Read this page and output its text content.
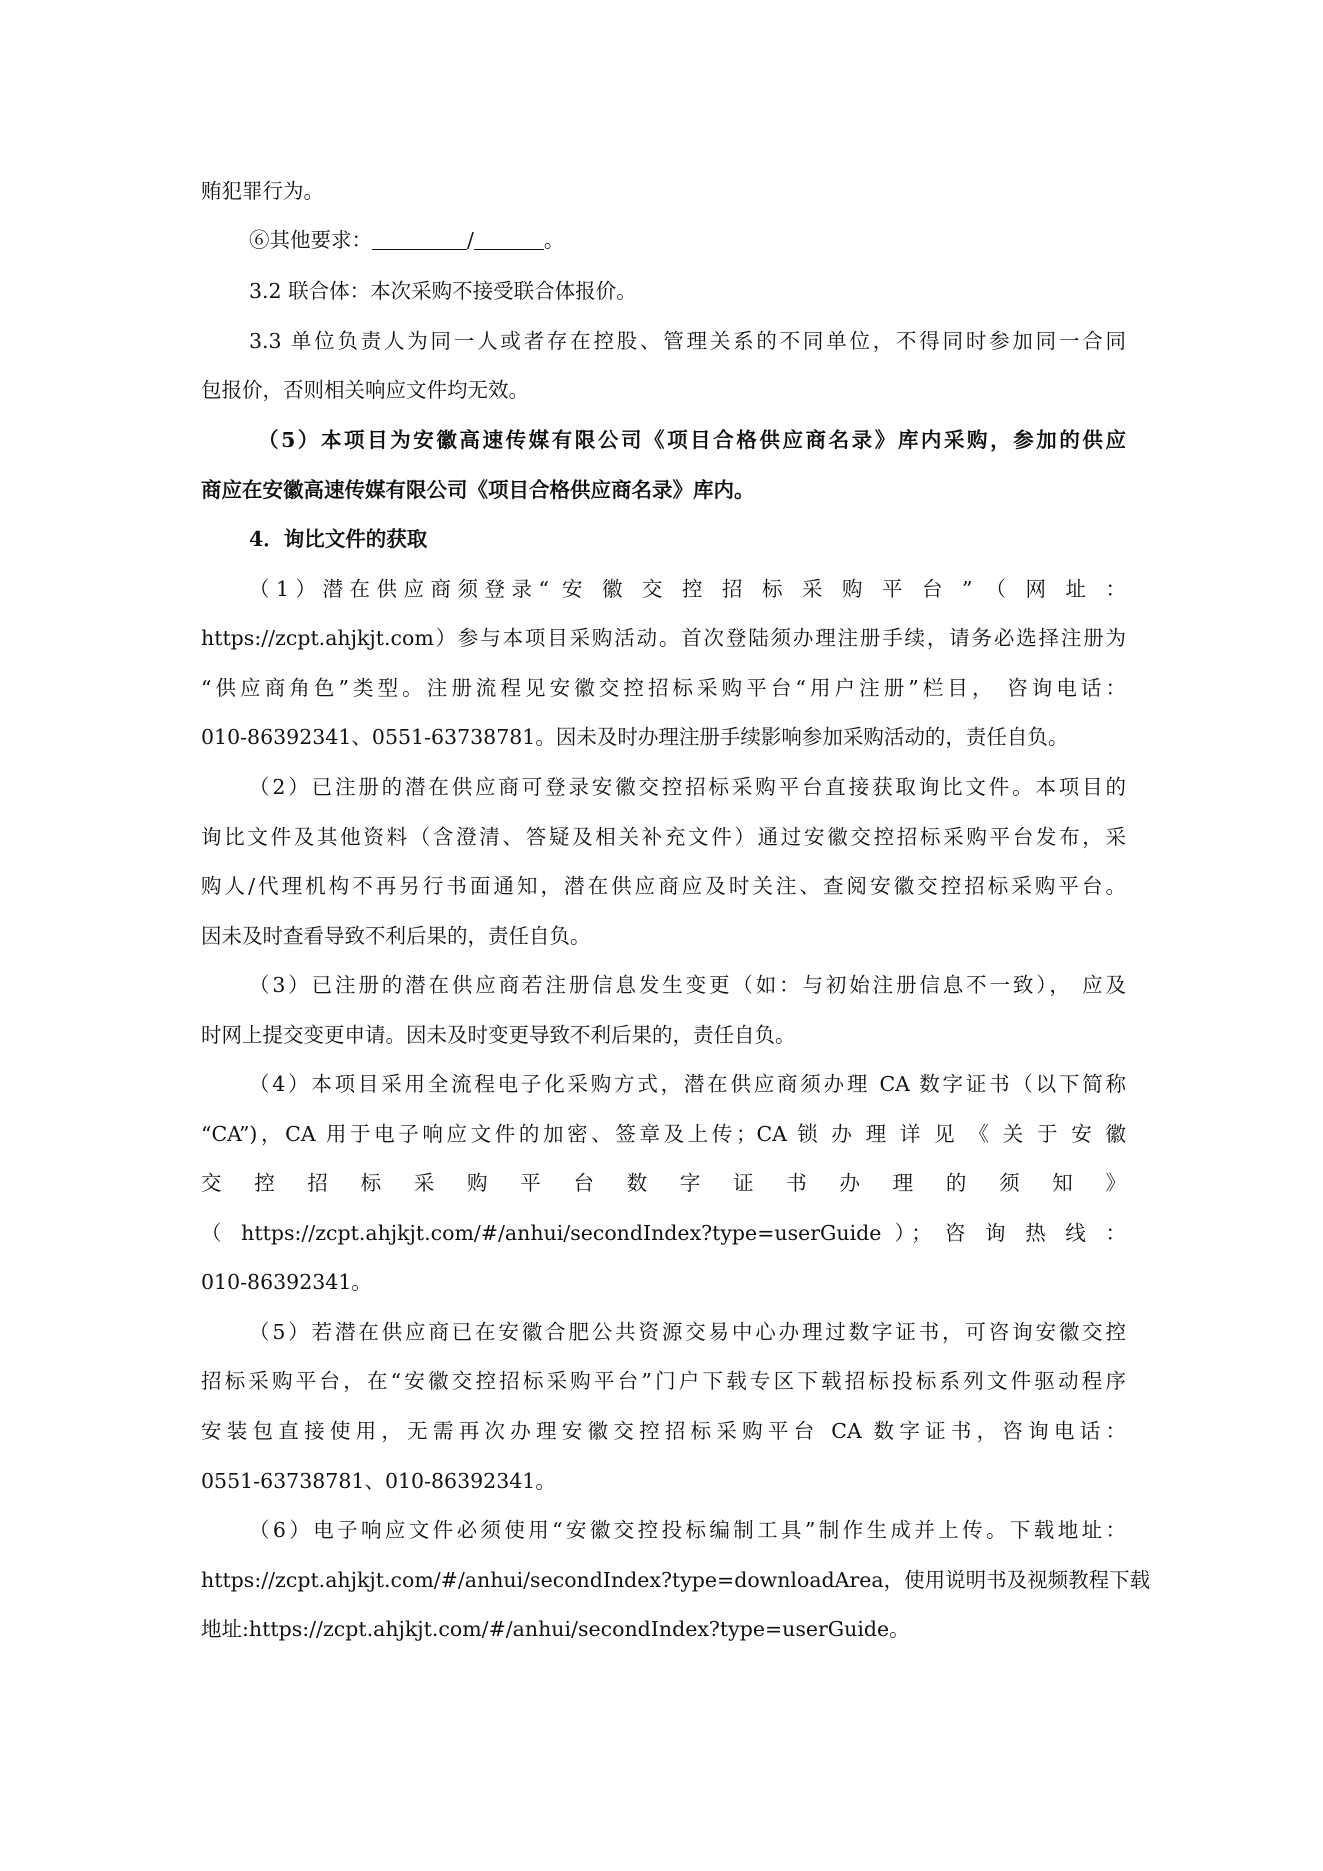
贿犯罪行为。
⑥其他要求：	/	。
3.2 联合体：本次采购不接受联合体报价。
3.3 单位负责人为同一人或者存在控股、管理关系的不同单位，不得同时参加同一合同
包报价，否则相关响应文件均无效。
（5）本项目为安徽高速传媒有限公司《项目合格供应商名录》库内采购，参加的供应
商应在安徽高速传媒有限公司《项目合格供应商名录》库内。
4．询比文件的获取
（1）潜在供应商须登录“ 安 徽 交 控 招 标 采 购 平 台 ” （ 网 址 ：
https://zcpt.ahjkjt.com）参与本项目采购活动。首次登陆须办理注册手续，请务必选择注册为
“供应商角色”类型。注册流程见安徽交控招标采购平台“用户注册”栏目， 咨询电话：
010-86392341、0551-63738781。因未及时办理注册手续影响参加采购活动的，责任自负。
（2）已注册的潜在供应商可登录安徽交控招标采购平台直接获取询比文件。本项目的
询比文件及其他资料（含澄清、答疑及相关补充文件）通过安徽交控招标采购平台发布，采
购人/代理机构不再另行书面通知，潜在供应商应及时关注、查阅安徽交控招标采购平台。
因未及时查看导致不利后果的，责任自负。
（3）已注册的潜在供应商若注册信息发生变更（如：与初始注册信息不一致）， 应及
时网上提交变更申请。因未及时变更导致不利后果的，责任自负。
（4）本项目采用全流程电子化采购方式，潜在供应商须办理 CA 数字证书（以下简称
“CA”)，CA 用于电子响应文件的加密、签章及上传；CA 锁 办 理 详 见 《 关 于 安 徽
交 控 招 标 采 购 平 台 数 字 证 书 办 理 的 须 知 》
（ https://zcpt.ahjkjt.com/#/anhui/secondIndex?type=userGuide ）； 咨 询 热 线 ：
010-86392341。
（5）若潜在供应商已在安徽合肥公共资源交易中心办理过数字证书，可咨询安徽交控
招标采购平台，在“安徽交控招标采购平台”门户下载专区下载招标投标系列文件驱动程序
安装包直接使用，无需再次办理安徽交控招标采购平台 CA 数字证书，咨询电话：
0551-63738781、010-86392341。
（6）电子响应文件必须使用“安徽交控投标编制工具”制作生成并上传。下载地址：
https://zcpt.ahjkjt.com/#/anhui/secondIndex?type=downloadArea，使用说明书及视频教程下载
地址:https://zcpt.ahjkjt.com/#/anhui/secondIndex?type=userGuide。
